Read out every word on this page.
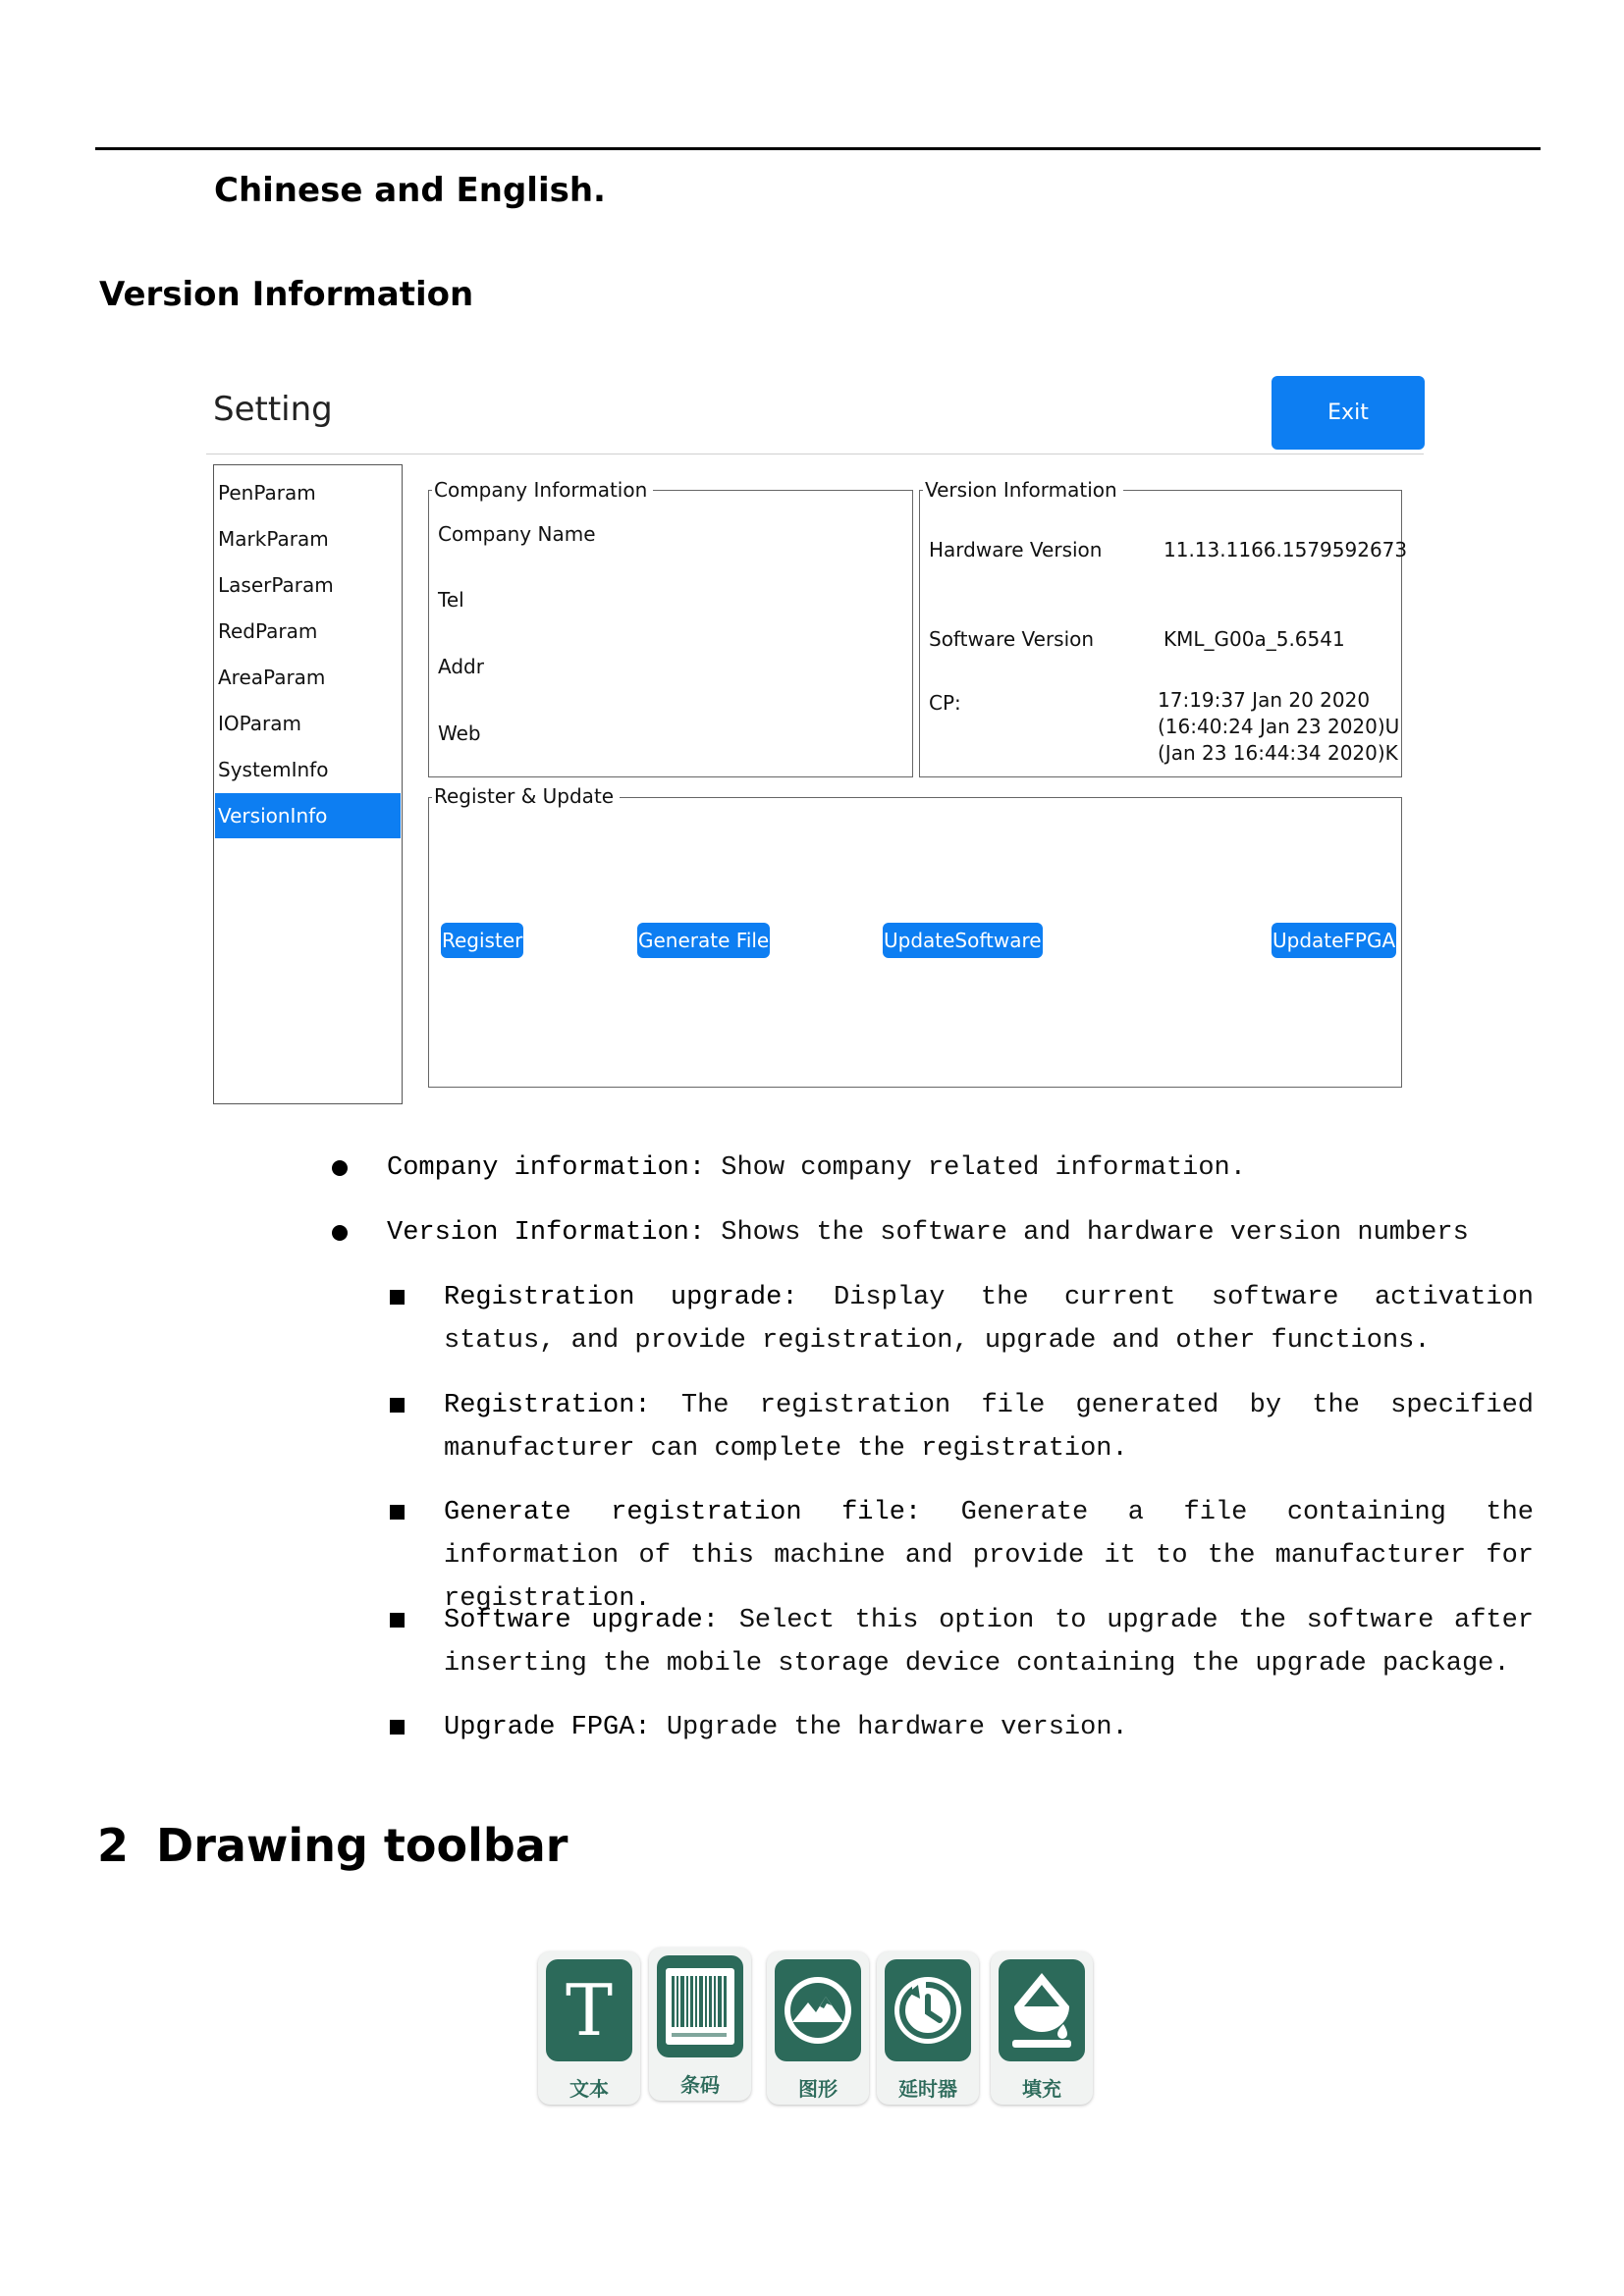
Chinese and English.
Version Information
Setting	Exit
PenParam
MarkParam
LaserParam
RedParam
AreaParam
IOParam
SystemInfo
VersionInfo
Company Information
Company Name
Tel
Addr
Web
Version Information
Hardware Version	11.13.1166.1579592673
Software Version	KML_G00a_5.6541
CP:	17:19:37 Jan 20 2020
(16:40:24 Jan 23 2020)U
(Jan 23 16:44:34 2020)K
Register & Update
Register	Generate File	UpdateSoftware	UpdateFPGA
Company information: Show company related information.
Version Information: Shows the software and hardware version numbers
Registration upgrade: Display the current software activation status, and provide registration, upgrade and other functions.
Registration: The registration file generated by the specified manufacturer can complete the registration.
Generate registration file: Generate a file containing the information of this machine and provide it to the manufacturer for registration.
Software upgrade: Select this option to upgrade the software after inserting the mobile storage device containing the upgrade package.
Upgrade FPGA: Upgrade the hardware version.
2 Drawing toolbar
T
文本	条码	图形	延时器	填充
